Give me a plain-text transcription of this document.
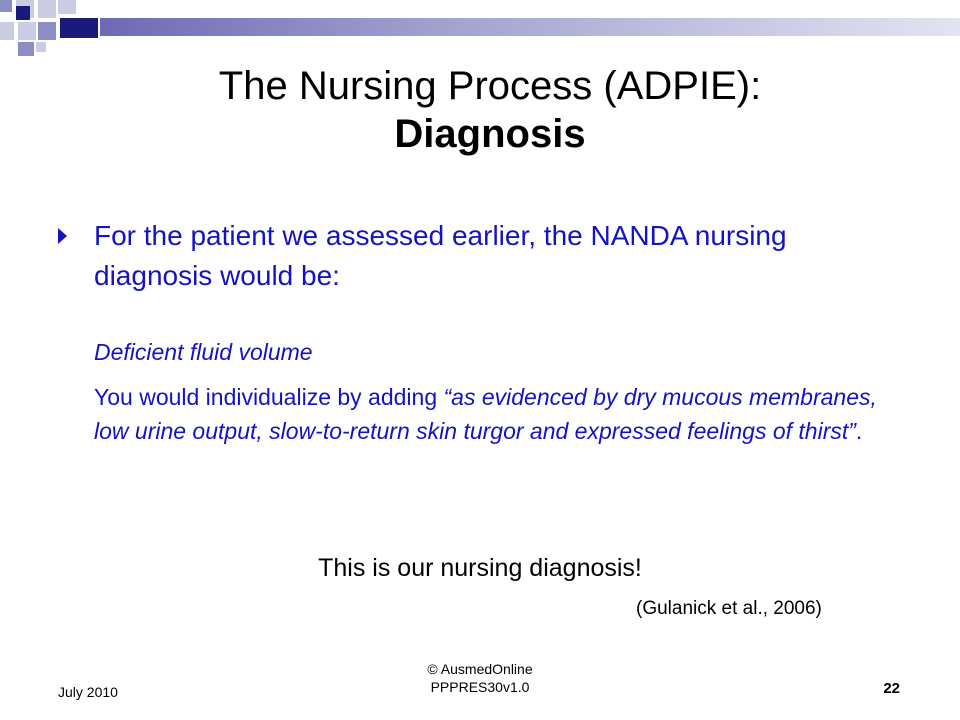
The Nursing Process (ADPIE):
Diagnosis
For the patient we assessed earlier, the NANDA nursing diagnosis would be:
Deficient fluid volume
You would individualize by adding “as evidenced by dry mucous membranes, low urine output, slow-to-return skin turgor and expressed feelings of thirst”.
This is our nursing diagnosis!
(Gulanick et al., 2006)
July 2010
© AusmedOnline
PPPRES30v1.0	22
